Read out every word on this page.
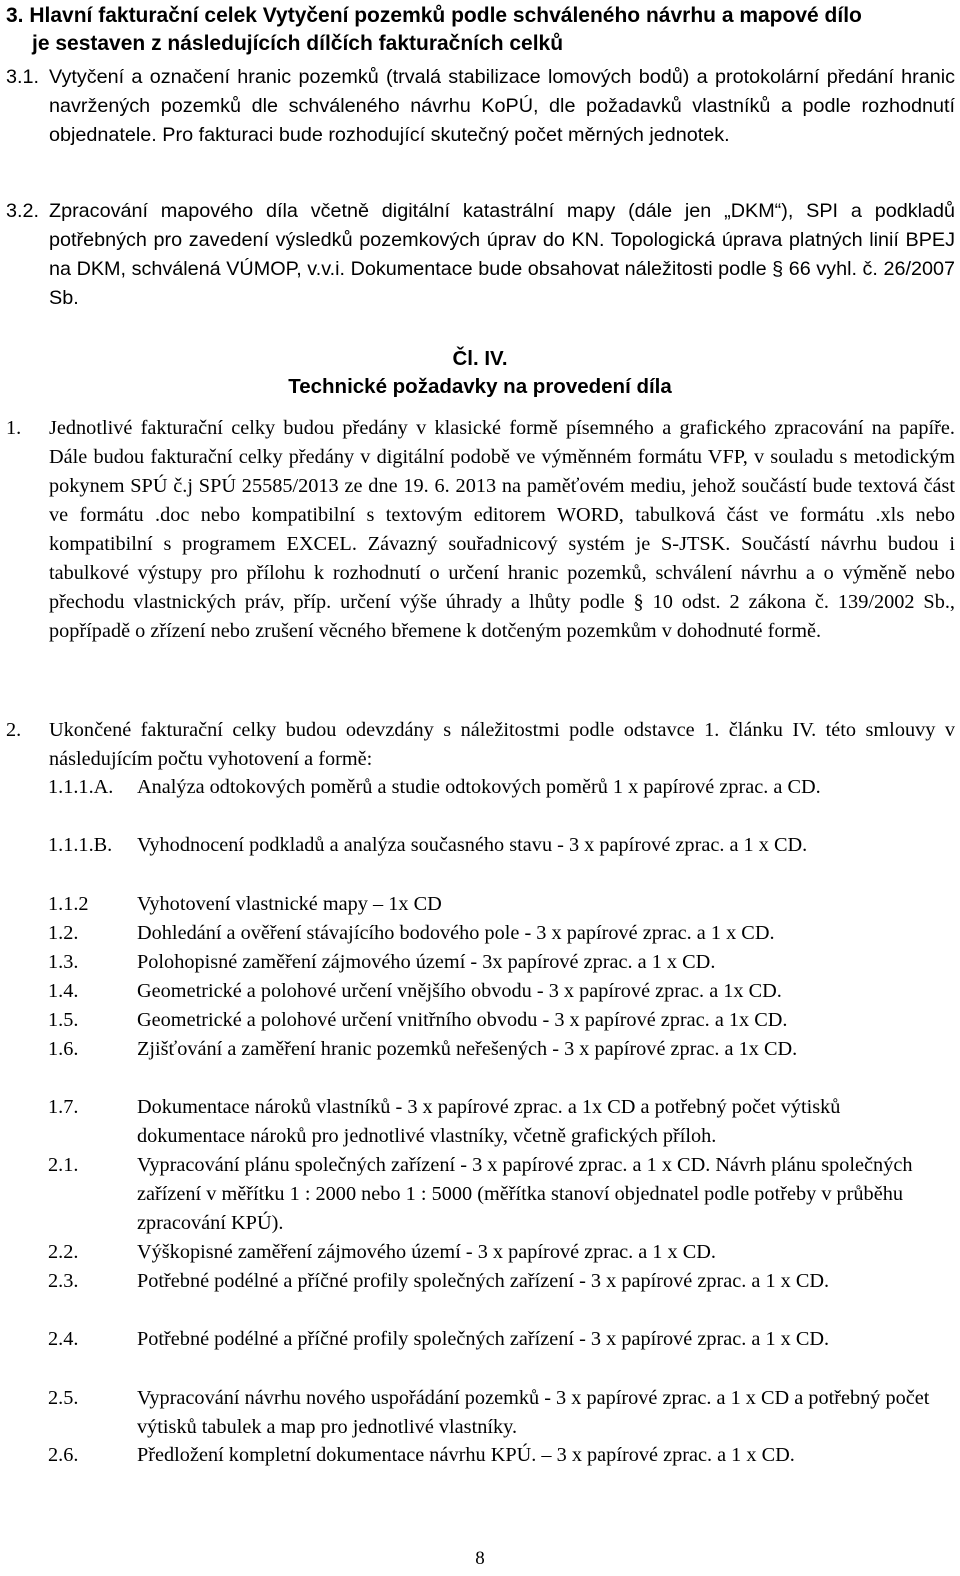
3. Hlavní fakturační celek Vytyčení pozemků podle schváleného návrhu a mapové dílo
je sestaven z následujících dílčích fakturačních celků
3.1. Vytyčení a označení hranic pozemků (trvalá stabilizace lomových bodů) a protokolární předání hranic navržených pozemků dle schváleného návrhu KoPÚ, dle požadavků vlastníků a podle rozhodnutí objednatele. Pro fakturaci bude rozhodující skutečný počet měrných jednotek.
3.2. Zpracování mapového díla včetně digitální katastrální mapy (dále jen „DKM“), SPI a podkladů potřebných pro zavedení výsledků pozemkových úprav do KN. Topologická úprava platných linií BPEJ na DKM, schválená VÚMOP, v.v.i. Dokumentace bude obsahovat náležitosti podle § 66 vyhl. č. 26/2007 Sb.
Čl. IV.
Technické požadavky na provedení díla
1. Jednotlivé fakturační celky budou předány v klasické formě písemného a grafického zpracování na papíře. Dále budou fakturační celky předány v digitální podobě ve výměnném formátu VFP, v souladu s metodickým pokynem SPÚ č.j SPÚ 25585/2013 ze dne 19. 6. 2013 na paměťovém mediu, jehož součástí bude textová část ve formátu .doc nebo kompatibilní s textovým editorem WORD, tabulková část ve formátu .xls nebo kompatibilní s programem EXCEL. Závazný souřadnicový systém je S-JTSK. Součástí návrhu budou i tabulkové výstupy pro přílohu k rozhodnutí o určení hranic pozemků, schválení návrhu a o výměně nebo přechodu vlastnických práv, příp. určení výše úhrady a lhůty podle § 10 odst. 2 zákona č. 139/2002 Sb., popřípadě o zřízení nebo zrušení věcného břemene k dotčeným pozemkům v dohodnuté formě.
2. Ukončené fakturační celky budou odevzdány s náležitostmi podle odstavce 1. článku IV. této smlouvy v následujícím počtu vyhotovení a formě:
1.1.1.A. Analýza odtokových poměrů a studie odtokových poměrů 1 x papírové zprac. a CD.
1.1.1.B. Vyhodnocení podkladů a analýza současného stavu - 3 x papírové zprac. a 1 x CD.
1.1.2 Vyhotovení vlastnické mapy – 1x CD
1.2.	Dohledání a ověření stávajícího bodového pole - 3 x papírové zprac. a 1 x CD.
1.3.	Polohopisné zaměření zájmového území - 3x papírové zprac. a 1 x CD.
1.4.	Geometrické a polohové určení vnějšího obvodu - 3 x papírové zprac. a 1x CD.
1.5.	Geometrické a polohové určení vnitřního obvodu - 3 x papírové zprac. a 1x CD.
1.6.	Zjišťování a zaměření hranic pozemků neřešených - 3 x papírové zprac. a 1x CD.
1.7.	Dokumentace nároků vlastníků - 3 x papírové zprac. a 1x CD a potřebný počet výtisků dokumentace nároků pro jednotlivé vlastníky, včetně grafických příloh.
2.1.	Vypracování plánu společných zařízení - 3 x papírové zprac. a 1 x CD. Návrh plánu společných zařízení v měřítku 1 : 2000 nebo 1 : 5000 (měřítka stanoví objednatel podle potřeby v průběhu zpracování KPÚ).
2.2.	Výškopisné zaměření zájmového území - 3 x papírové zprac. a 1 x CD.
2.3.	Potřebné podélné a příčné profily společných zařízení - 3 x papírové zprac. a 1 x CD.
2.4.	Potřebné podélné a příčné profily společných zařízení - 3 x papírové zprac. a 1 x CD.
2.5.	Vypracování návrhu nového uspořádání pozemků - 3 x papírové zprac. a 1 x CD a potřebný počet výtisků tabulek a map pro jednotlivé vlastníky.
2.6.	Předložení kompletní dokumentace návrhu KPÚ. – 3 x papírové zprac. a 1 x CD.
8
